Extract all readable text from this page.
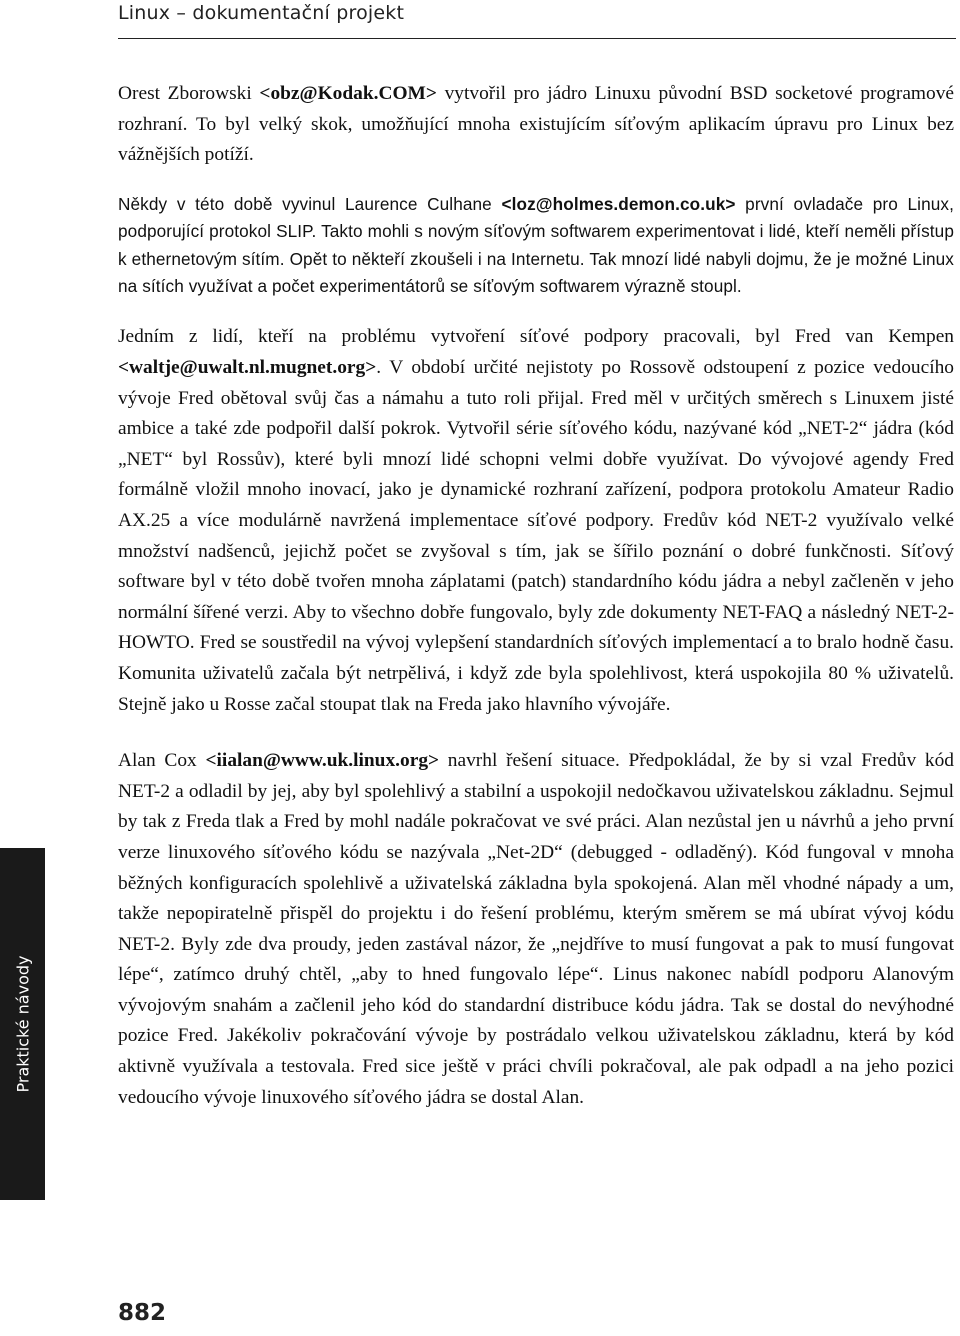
Linux – dokumentační projekt

Orest Zborowski <obz@Kodak.COM> vytvořil pro jádro Linuxu původní BSD socketové programové rozhraní. To byl velký skok, umožňující mnoha existujícím síťovým aplikacím úpravu pro Linux bez vážnějších potíží.

Někdy v této době vyvinul Laurence Culhane <loz@holmes.demon.co.uk> první ovladače pro Linux, podporující protokol SLIP. Takto mohli s novým síťovým softwarem experimentovat i lidé, kteří neměli přístup k ethernetovým sítím. Opět to někteří zkoušeli i na Internetu. Tak mnozí lidé nabyli dojmu, že je možné Linux na sítích využívat a počet experimentátorů se síťovým softwarem výrazně stoupl.

Jedním z lidí, kteří na problému vytvoření síťové podpory pracovali, byl Fred van Kempen <waltje@uwalt.nl.mugnet.org>. V období určité nejistoty po Rossově odstoupení z pozice vedoucího vývoje Fred obětoval svůj čas a námahu a tuto roli přijal. Fred měl v určitých směrech s Linuxem jisté ambice a také zde podpořil další pokrok. Vytvořil série síťového kódu, nazývané kód „NET-2“ jádra (kód „NET“ byl Rossův), které byli mnozí lidé schopni velmi dobře využívat. Do vývojové agendy Fred formálně vložil mnoho inovací, jako je dynamické rozhraní zařízení, podpora protokolu Amateur Radio AX.25 a více modulárně navržená implementace síťové podpory. Fredův kód NET-2 využívalo velké množství nadšenců, jejichž počet se zvyšoval s tím, jak se šířilo poznání o dobré funkčnosti. Síťový software byl v této době tvořen mnoha záplatami (patch) standardního kódu jádra a nebyl začleněn v jeho normální šířené verzi. Aby to všechno dobře fungovalo, byly zde dokumenty NET-FAQ a následný NET-2-HOWTO. Fred se soustředil na vývoj vylepšení standardních síťových implementací a to bralo hodně času. Komunita uživatelů začala být netrpělivá, i když zde byla spolehlivost, která uspokojila 80 % uživatelů. Stejně jako u Rosse začal stoupat tlak na Freda jako hlavního vývojáře.

Alan Cox <iialan@www.uk.linux.org> navrhl řešení situace. Předpokládal, že by si vzal Fredův kód NET-2 a odladil by jej, aby byl spolehlivý a stabilní a uspokojil nedočkavou uživatelskou základnu. Sejmul by tak z Freda tlak a Fred by mohl nadále pokračovat ve své práci. Alan nezůstal jen u návrhů a jeho první verze linuxového síťového kódu se nazývala „Net-2D“ (debugged - odladěný). Kód fungoval v mnoha běžných konfiguracích spolehlivě a uživatelská základna byla spokojená. Alan měl vhodné nápady a um, takže nepopiratelně přispěl do projektu i do řešení problému, kterým směrem se má ubírat vývoj kódu NET-2. Byly zde dva proudy, jeden zastával názor, že „nejdříve to musí fungovat a pak to musí fungovat lépe“, zatímco druhý chtěl, „aby to hned fungovalo lépe“. Linus nakonec nabídl podporu Alanovým vývojovým snahám a začlenil jeho kód do standardní distribuce kódu jádra. Tak se dostal do nevýhodné pozice Fred. Jakékoliv pokračování vývoje by postrádalo velkou uživatelskou základnu, která by kód aktivně využívala a testovala. Fred sice ještě v práci chvíli pokračoval, ale pak odpadl a na jeho pozici vedoucího vývoje linuxového síťového jádra se dostal Alan.

Praktické návody
882
